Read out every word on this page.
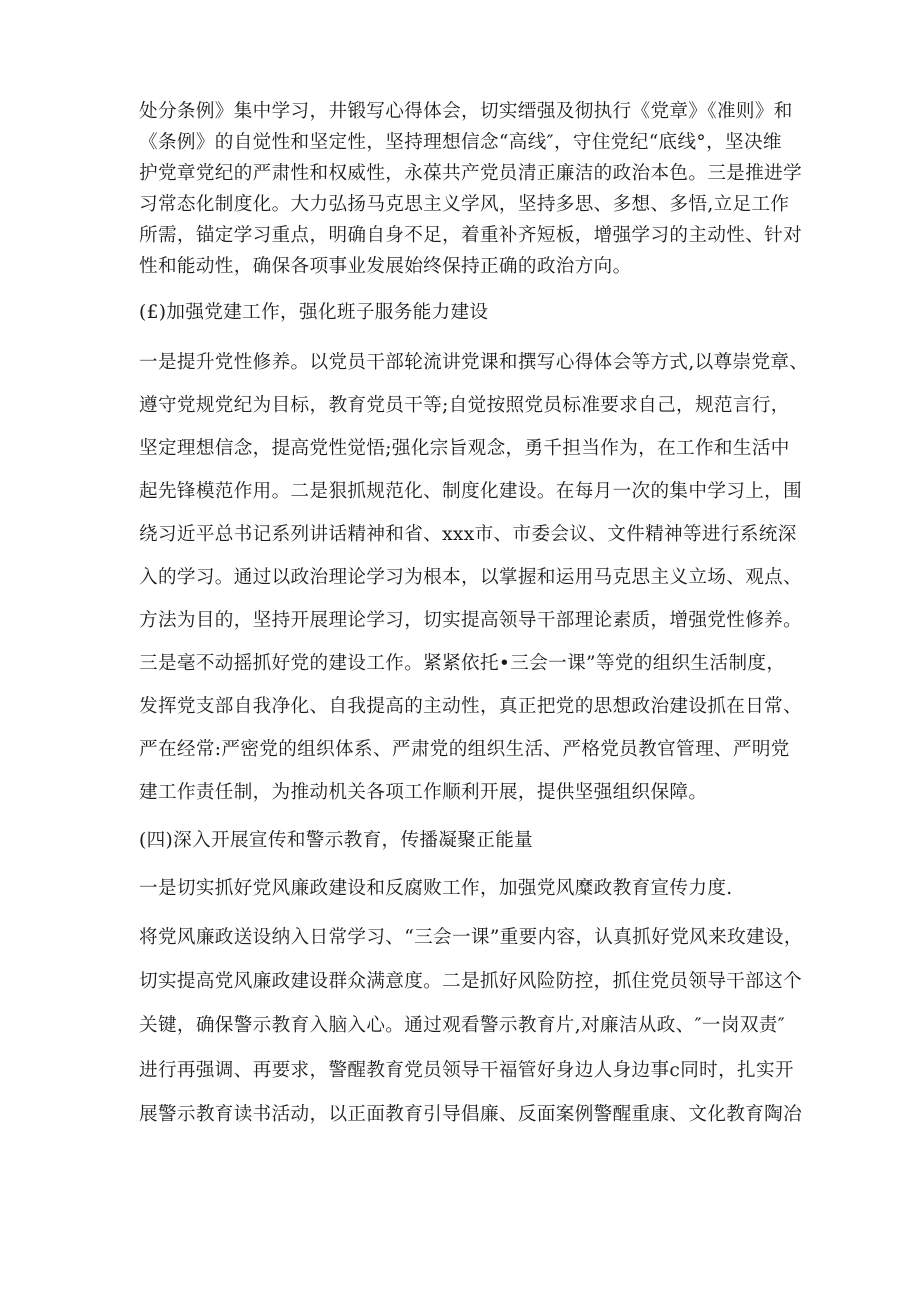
处分条例》集中学习，井锻写心得体会，切实缙强及彻执行《党章》《准则》和
《条例》的自觉性和坚定性，坚持理想信念“高线″，守住党纪“底线°，坚决维
护党章党纪的严肃性和权威性，永葆共产党员清正廉洁的政治本色。三是推进学
习常态化制度化。大力弘扬马克思主义学风，坚持多思、多想、多悟,立足工作
所需，锚定学习重点，明确自身不足，着重补齐短板，增强学习的主动性、针对
性和能动性，确保各项事业发展始终保持正确的政治方向。
(£)加强党建工作，强化班子服务能力建设
一是提升党性修养。以党员干部轮流讲党课和撰写心得体会等方式,以尊崇党章、
遵守党规党纪为目标，教育党员干等;自觉按照党员标准要求自己，规范言行，
坚定理想信念，提高党性觉悟;强化宗旨观念，勇千担当作为，在工作和生活中
起先锋模范作用。二是狠抓规范化、制度化建设。在每月一次的集中学习上，围
绕习近平总书记系列讲话精神和省、xxx市、市委会议、文件精神等进行系统深
入的学习。通过以政治理论学习为根本，以掌握和运用马克思主义立场、观点、
方法为目的，坚持开展理论学习，切实提高领导干部理论素质，增强党性修养。
三是毫不动摇抓好党的建设工作。紧紧依托•三会一课”等党的组织生活制度，
发挥党支部自我净化、自我提高的主动性，真正把党的思想政治建设抓在日常、
严在经常:严密党的组织体系、严肃党的组织生活、严格党员教官管理、严明党
建工作责任制，为推动机关各项工作顺利开展，提供坚强组织保障。
(四)深入开展宣传和警示教育，传播凝聚正能量
一是切实抓好党风廉政建设和反腐败工作，加强党风糜政教育宣传力度.
将党风廉政送设纳入日常学习、“三会一课”重要内容，认真抓好党风来玫建设，
切实提高党风廉政建设群众满意度。二是抓好风险防控，抓住党员领导干部这个
关键，确保警示教育入脑入心。通过观看警示教育片,对廉洁从政、″一岗双责″
进行再强调、再要求，警醒教育党员领导干福管好身边人身边事c同时，扎实开
展警示教育读书活动，以正面教育引导倡廉、反面案例警醒重康、文化教育陶冶
